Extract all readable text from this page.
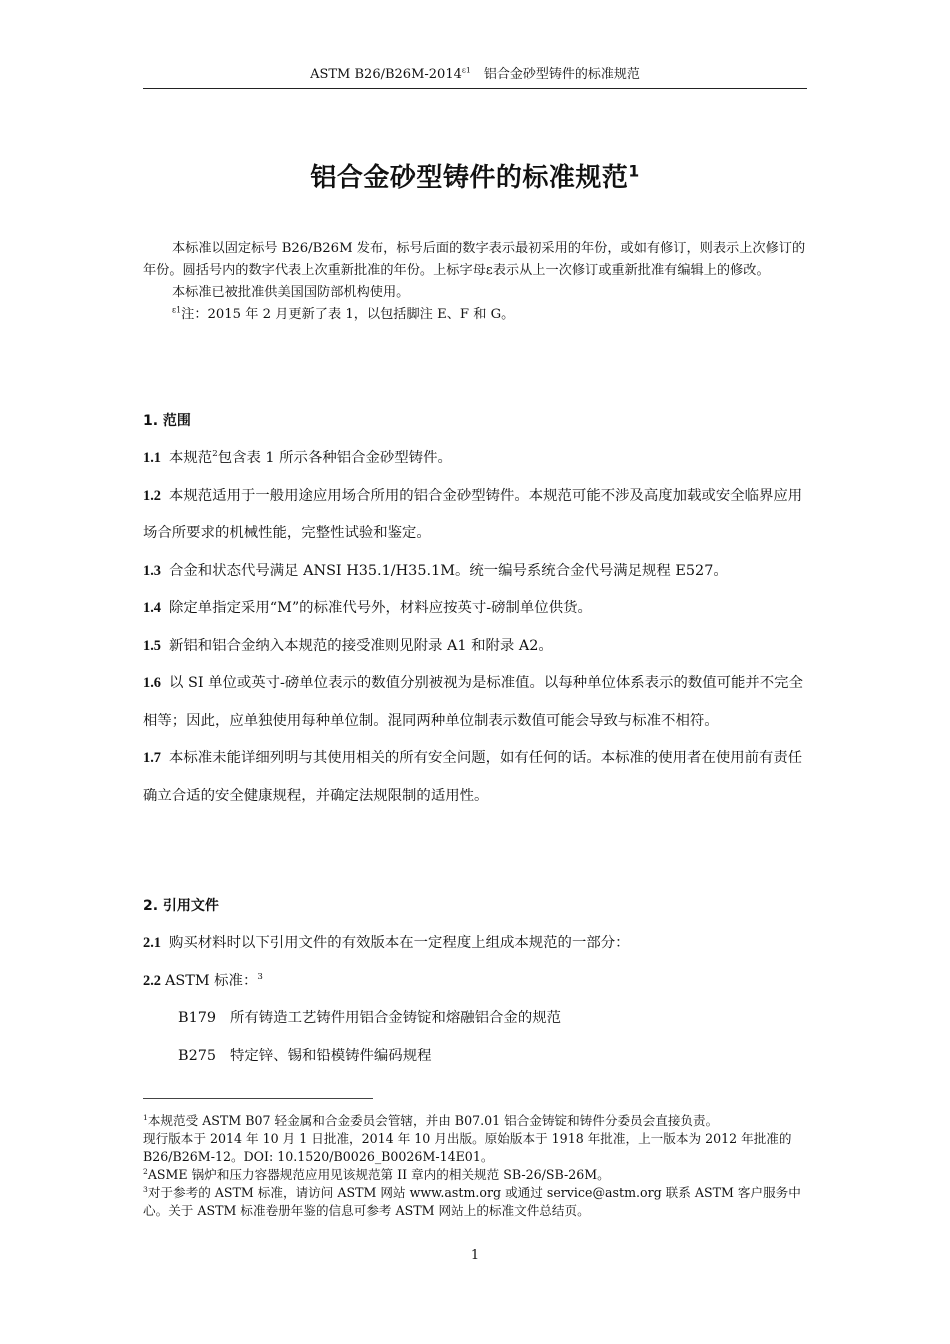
ASTM $B26/B26M-2014^{\varepsilon 1}$　铝合金砂型铸件的标准规范
铝合金砂型铸件的标准规范$^1$

本标准以固定标号 B26/B26M 发布，标号后面的数字表示最初采用的年份，或如有修订，则表示上次修订的年份。圆括号内的数字代表上次重新批准的年份。上标字母ε表示从上一次修订或重新批准有编辑上的修改。

本标准已被批准供美国国防部机构使用。

$^{\varepsilon 1}$注：2015 年 2 月更新了表 1，以包括脚注 E、F 和 G。

1. 范围

1.1 本规范$^2$包含表 1 所示各种铝合金砂型铸件。

1.2 本规范适用于一般用途应用场合所用的铝合金砂型铸件。本规范可能不涉及高度加载或安全临界应用场合所要求的机械性能，完整性试验和鉴定。

1.3 合金和状态代号满足 ANSI H35.1/H35.1M。统一编号系统合金代号满足规程 E527。

1.4 除定单指定采用“M”的标准代号外，材料应按英寸-磅制单位供货。

1.5 新铝和铝合金纳入本规范的接受准则见附录 A1 和附录 A2。

1.6 以 SI 单位或英寸-磅单位表示的数值分别被视为是标准值。以每种单位体系表示的数值可能并不完全相等；因此，应单独使用每种单位制。混同两种单位制表示数值可能会导致与标准不相符。

1.7 本标准未能详细列明与其使用相关的所有安全问题，如有任何的话。本标准的使用者在使用前有责任确立合适的安全健康规程，并确定法规限制的适用性。

2. 引用文件

2.1 购买材料时以下引用文件的有效版本在一定程度上组成本规范的一部分：

2.2 ASTM 标准：$^3$

B179 所有铸造工艺铸件用铝合金铸锭和熔融铝合金的规范
B275 特定锌、锡和铅模铸件编码规程

$^1$本规范受 ASTM B07 轻金属和合金委员会管辖，并由 B07.01 铝合金铸锭和铸件分委员会直接负责。

现行版本于 2014 年 10 月 1 日批准，2014 年 10 月出版。原始版本于 1918 年批准，上一版本为 2012 年批准的 B26/B26M-12。DOI: 10.1520/B0026_B0026M-14E01。

$^2$ASME 锅炉和压力容器规范应用见该规范第 II 章内的相关规范 SB-26/SB-26M。

$^3$对于参考的 ASTM 标准，请访问 ASTM 网站 www.astm.org 或通过 service@astm.org 联系 ASTM 客户服务中心。关于 ASTM 标准卷册年鉴的信息可参考 ASTM 网站上的标准文件总结页。

1
